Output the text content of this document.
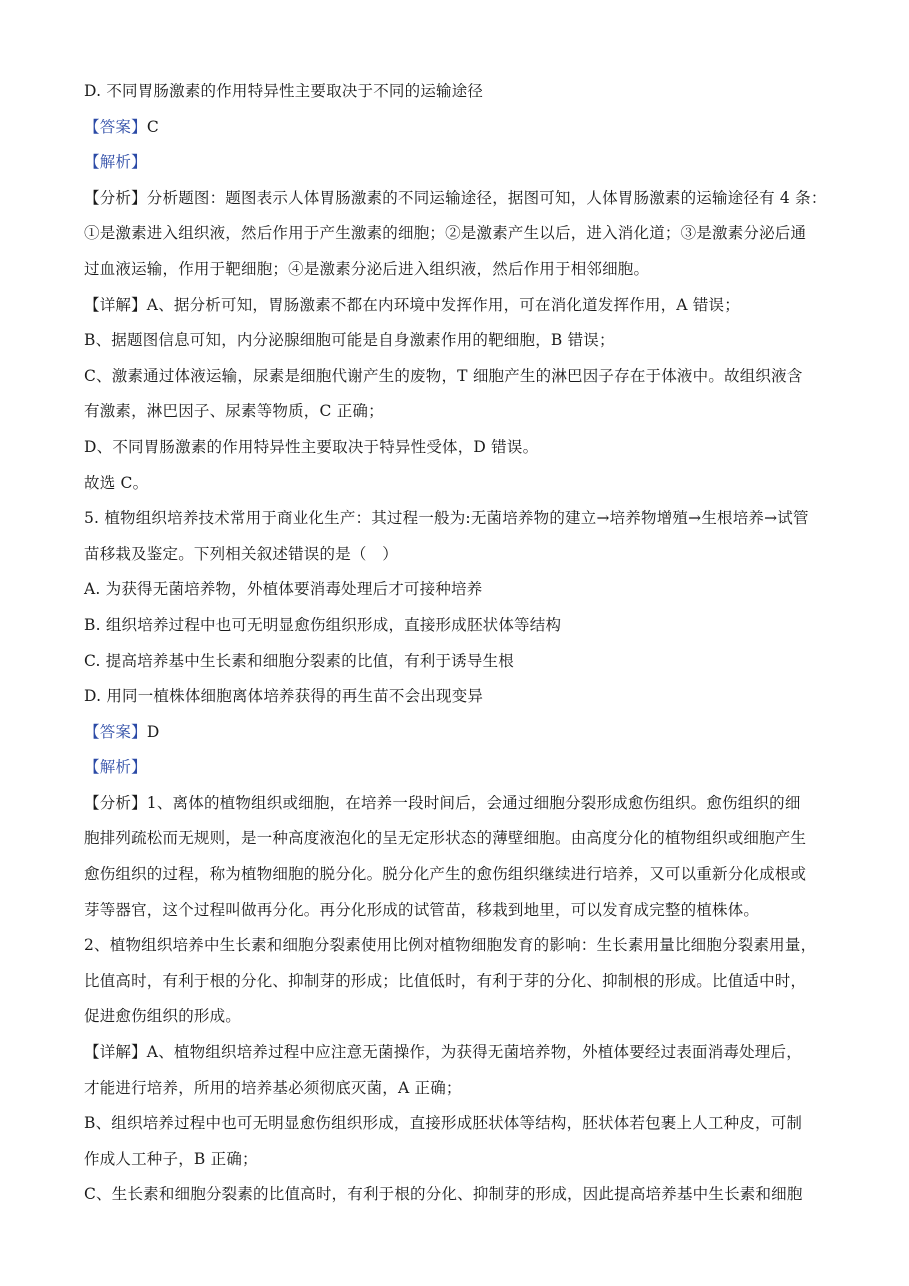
D. 不同胃肠激素的作用特异性主要取决于不同的运输途径
【答案】C
【解析】
【分析】分析题图：题图表示人体胃肠激素的不同运输途径，据图可知，人体胃肠激素的运输途径有 4 条：
①是激素进入组织液，然后作用于产生激素的细胞；②是激素产生以后，进入消化道；③是激素分泌后通
过血液运输，作用于靶细胞；④是激素分泌后进入组织液，然后作用于相邻细胞。
【详解】A、据分析可知，胃肠激素不都在内环境中发挥作用，可在消化道发挥作用，A 错误；
B、据题图信息可知，内分泌腺细胞可能是自身激素作用的靶细胞，B 错误；
C、激素通过体液运输，尿素是细胞代谢产生的废物，T 细胞产生的淋巴因子存在于体液中。故组织液含
有激素，淋巴因子、尿素等物质，C 正确；
D、不同胃肠激素的作用特异性主要取决于特异性受体，D 错误。
故选 C。
5. 植物组织培养技术常用于商业化生产：其过程一般为:无菌培养物的建立→培养物增殖→生根培养→试管
苗移栽及鉴定。下列相关叙述错误的是（　）
A. 为获得无菌培养物，外植体要消毒处理后才可接种培养
B. 组织培养过程中也可无明显愈伤组织形成，直接形成胚状体等结构
C. 提高培养基中生长素和细胞分裂素的比值，有利于诱导生根
D. 用同一植株体细胞离体培养获得的再生苗不会出现变异
【答案】D
【解析】
【分析】1、离体的植物组织或细胞，在培养一段时间后，会通过细胞分裂形成愈伤组织。愈伤组织的细
胞排列疏松而无规则，是一种高度液泡化的呈无定形状态的薄壁细胞。由高度分化的植物组织或细胞产生
愈伤组织的过程，称为植物细胞的脱分化。脱分化产生的愈伤组织继续进行培养，又可以重新分化成根或
芽等器官，这个过程叫做再分化。再分化形成的试管苗，移栽到地里，可以发育成完整的植株体。
2、植物组织培养中生长素和细胞分裂素使用比例对植物细胞发育的影响：生长素用量比细胞分裂素用量，
比值高时，有利于根的分化、抑制芽的形成；比值低时，有利于芽的分化、抑制根的形成。比值适中时，
促进愈伤组织的形成。
【详解】A、植物组织培养过程中应注意无菌操作，为获得无菌培养物，外植体要经过表面消毒处理后，
才能进行培养，所用的培养基必须彻底灭菌，A 正确；
B、组织培养过程中也可无明显愈伤组织形成，直接形成胚状体等结构，胚状体若包裹上人工种皮，可制
作成人工种子，B 正确；
C、生长素和细胞分裂素的比值高时，有利于根的分化、抑制芽的形成，因此提高培养基中生长素和细胞
